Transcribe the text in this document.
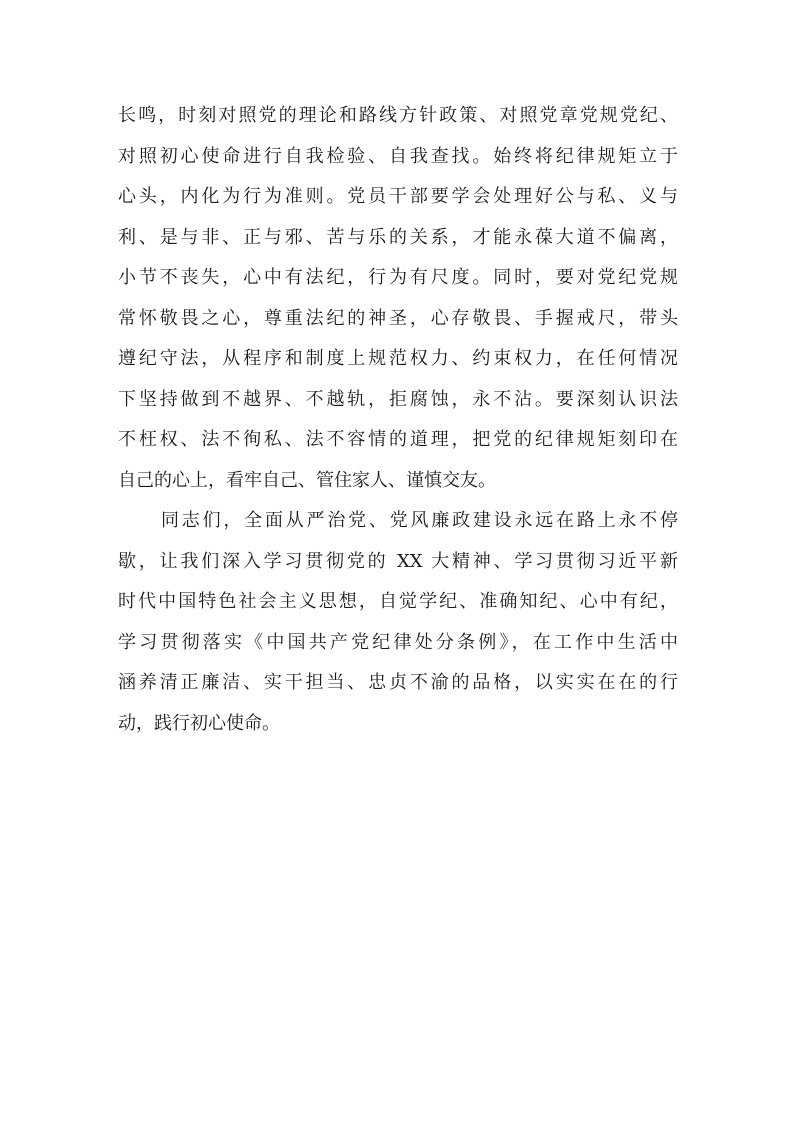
长鸣，时刻对照党的理论和路线方针政策、对照党章党规党纪、
对照初心使命进行自我检验、自我查找。始终将纪律规矩立于
心头，内化为行为准则。党员干部要学会处理好公与私、义与
利、是与非、正与邪、苦与乐的关系，才能永葆大道不偏离，
小节不丧失，心中有法纪，行为有尺度。同时，要对党纪党规
常怀敬畏之心，尊重法纪的神圣，心存敬畏、手握戒尺，带头
遵纪守法，从程序和制度上规范权力、约束权力，在任何情况
下坚持做到不越界、不越轨，拒腐蚀，永不沾。要深刻认识法
不枉权、法不徇私、法不容情的道理，把党的纪律规矩刻印在
自己的心上，看牢自己、管住家人、谨慎交友。
同志们，全面从严治党、党风廉政建设永远在路上永不停
歇，让我们深入学习贯彻党的 XX 大精神、学习贯彻习近平新
时代中国特色社会主义思想，自觉学纪、准确知纪、心中有纪，
学习贯彻落实《中国共产党纪律处分条例》，在工作中生活中
涵养清正廉洁、实干担当、忠贞不渝的品格，以实实在在的行
动，践行初心使命。
